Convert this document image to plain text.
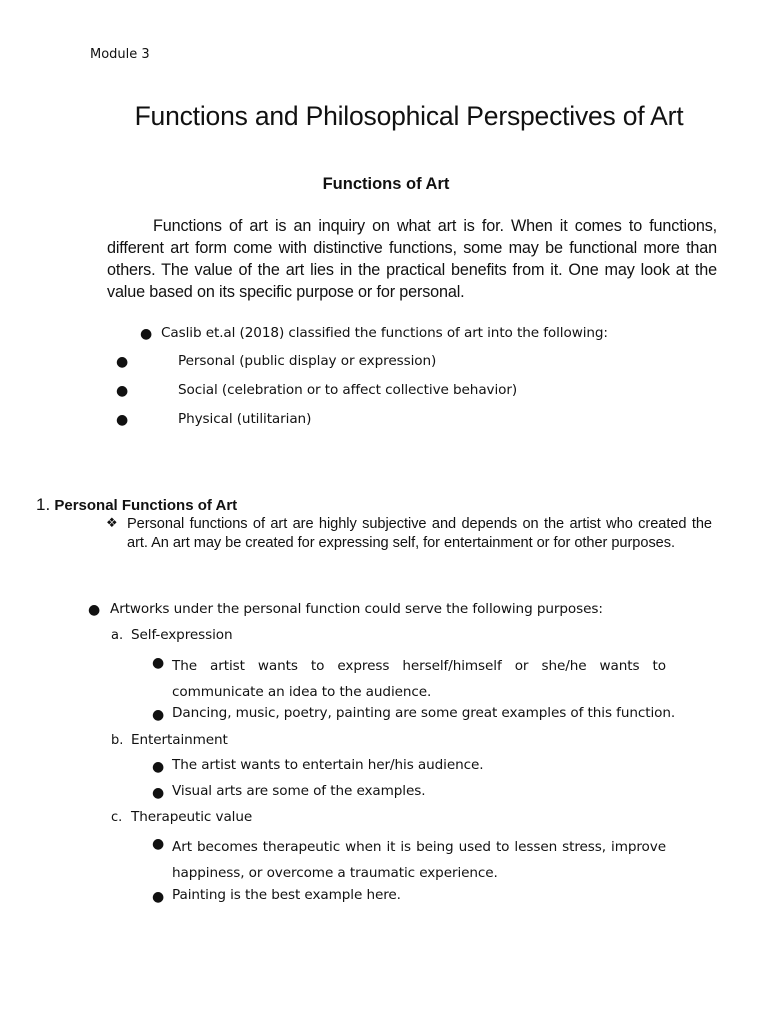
Module 3
Functions and Philosophical Perspectives of Art
Functions of Art
Functions of art is an inquiry on what art is for. When it comes to functions, different art form come with distinctive functions, some may be functional more than others. The value of the art lies in the practical benefits from it. One may look at the value based on its specific purpose or for personal.
● Caslib et.al (2018) classified the functions of art into the following:
●	Personal (public display or expression)
●	Social (celebration or to affect collective behavior)
●	Physical (utilitarian)
1. Personal Functions of Art
❖ Personal functions of art are highly subjective and depends on the artist who created the art. An art may be created for expressing self, for entertainment or for other purposes.
● Artworks under the personal function could serve the following purposes:
a. Self-expression
● The artist wants to express herself/himself or she/he wants to communicate an idea to the audience.
● Dancing, music, poetry, painting are some great examples of this function.
b. Entertainment
● The artist wants to entertain her/his audience.
● Visual arts are some of the examples.
c. Therapeutic value
● Art becomes therapeutic when it is being used to lessen stress, improve happiness, or overcome a traumatic experience.
● Painting is the best example here.
